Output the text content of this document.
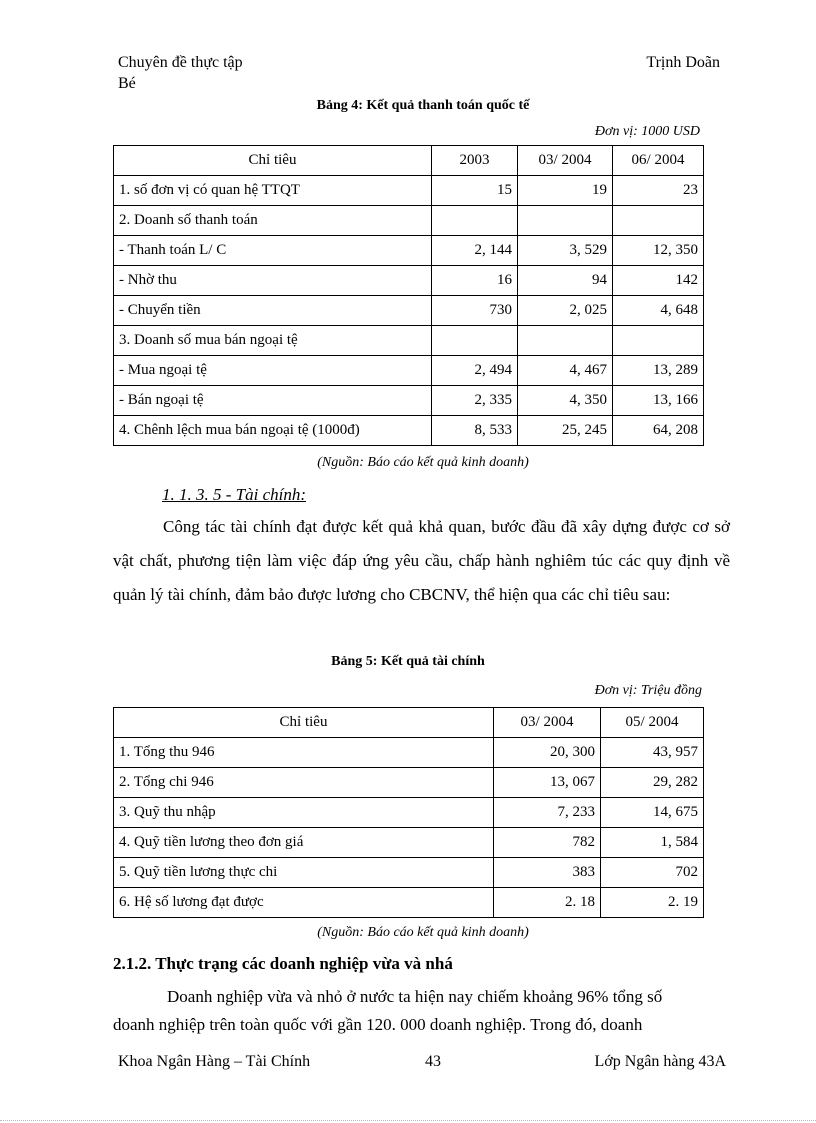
Chuyên đề thực tập
Bé
Trịnh Doãn
Bảng 4: Kết quả thanh toán quốc tế
Đơn vị: 1000 USD
Chỉ tiêu	2003	03/ 2004	06/ 2004
1. số đơn vị có quan hệ TTQT	15	19	23
2. Doanh số thanh toán			
- Thanh toán L/ C	2, 144	3, 529	12, 350
- Nhờ thu	16	94	142
- Chuyển tiền	730	2, 025	4, 648
3. Doanh số mua bán ngoại tệ			
- Mua ngoại tệ	2, 494	4, 467	13, 289
- Bán ngoại tệ	2, 335	4, 350	13, 166
4. Chênh lệch mua bán ngoại tệ (1000đ)	8, 533	25, 245	64, 208
(Nguồn: Báo cáo kết quả kinh doanh)
1. 1. 3. 5 - Tài chính:

Công tác tài chính đạt được kết quả khả quan, bước đầu đã xây dựng được cơ sở vật chất, phương tiện làm việc đáp ứng yêu cầu, chấp hành nghiêm túc các quy định về quản lý tài chính, đảm bảo được lương cho CBCNV, thể hiện qua các chỉ tiêu sau:

Bảng 5: Kết quả tài chính
Đơn vị: Triệu đồng
Chỉ tiêu	03/ 2004	05/ 2004
1. Tổng thu 946	20, 300	43, 957
2. Tổng chi 946	13, 067	29, 282
3. Quỹ thu nhập	7, 233	14, 675
4. Quỹ tiền lương theo đơn giá	782	1, 584
5. Quỹ tiền lương thực chi	383	702
6. Hệ số lương đạt được	2. 18	2. 19
(Nguồn: Báo cáo kết quả kinh doanh)
2.1.2. Thực trạng các doanh nghiệp vừa và nhá
Doanh nghiệp vừa và nhỏ ở nước ta hiện nay chiếm khoảng 96% tổng số
doanh nghiệp trên toàn quốc với gần 120. 000 doanh nghiệp. Trong đó, doanh
Khoa Ngân Hàng – Tài Chính	43	Lớp Ngân hàng 43A
